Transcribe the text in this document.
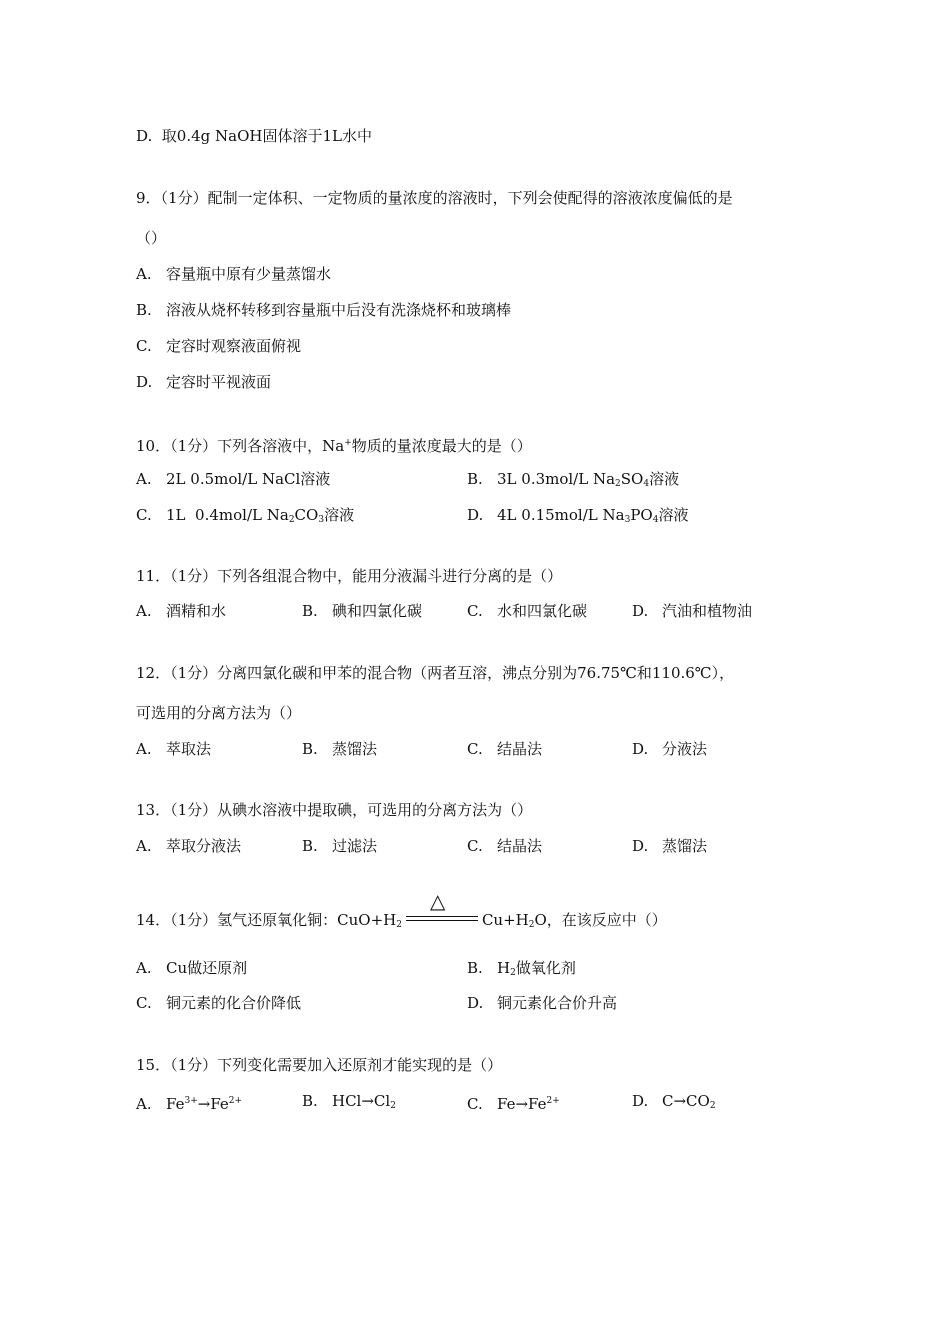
D.  取0.4g NaOH固体溶于1L水中
9．（1分）配制一定体积、一定物质的量浓度的溶液时，下列会使配得的溶液浓度偏低的是
（）
A. 容量瓶中原有少量蒸馏水
B. 溶液从烧杯转移到容量瓶中后没有洗涤烧杯和玻璃棒
C. 定容时观察液面俯视
D. 定容时平视液面
10．（1分）下列各溶液中，Na+物质的量浓度最大的是（）
A. 2L 0.5mol/L NaCl溶液	B. 3L 0.3mol/L $Na_2SO_4$溶液
C. 1L  0.4mol/L $Na_2CO_3$溶液	D. 4L 0.15mol/L $Na_3PO_4$溶液
11．（1分）下列各组混合物中，能用分液漏斗进行分离的是（）
A. 酒精和水	B. 碘和四氯化碳	C. 水和四氯化碳	D. 汽油和植物油
12．（1分）分离四氯化碳和甲苯的混合物（两者互溶，沸点分别为76.75℃和110.6℃），
可选用的分离方法为（）
A. 萃取法	B. 蒸馏法	C. 结晶法	D. 分液法
13．（1分）从碘水溶液中提取碘，可选用的分离方法为（）
A. 萃取分液法	B. 过滤法	C. 结晶法	D. 蒸馏法
14．（1分）氢气还原氧化铜：$CuO+H_2$
△
$Cu+H_2O$，在该反应中（）
A. Cu做还原剂	B. $H_2$做氧化剂
C. 铜元素的化合价降低	D. 铜元素化合价升高
15．（1分）下列变化需要加入还原剂才能实现的是（）
A. $Fe^{3+}\to Fe^{2+}$	B. $HCl\to Cl_2$	C. $Fe\to Fe^{2+}$	D. $C\to CO_2$
